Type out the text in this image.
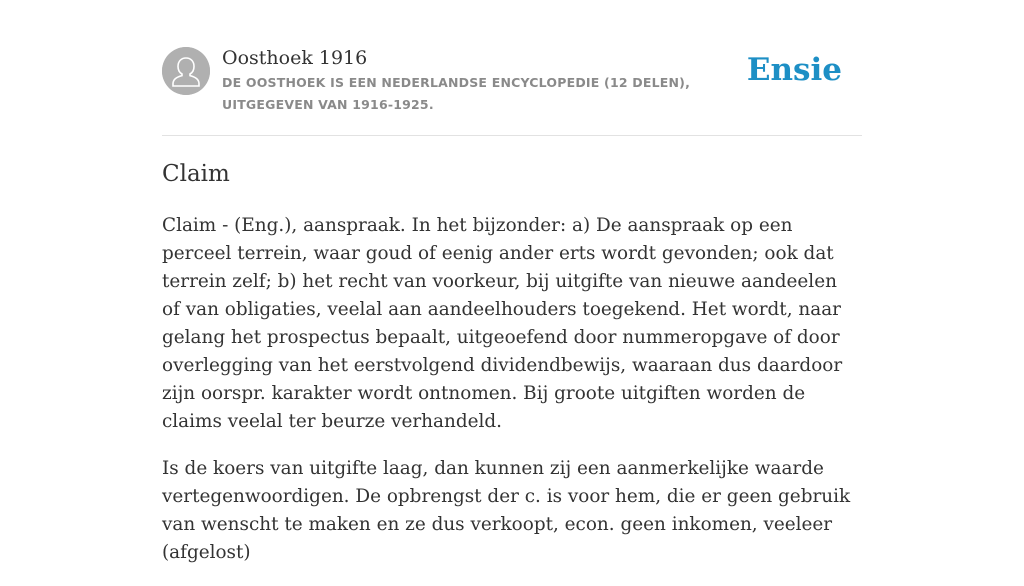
Oosthoek 1916
DE OOSTHOEK IS EEN NEDERLANDSE ENCYCLOPEDIE (12 DELEN), UITGEGEVEN VAN 1916-1925.
Ensie
Claim

Claim - (Eng.), aanspraak. In het bijzonder: a) De aanspraak op een perceel terrein, waar goud of eenig ander erts wordt gevonden; ook dat terrein zelf; b) het recht van voorkeur, bij uitgifte van nieuwe aandeelen of van obligaties, veelal aan aandeelhouders toegekend. Het wordt, naar gelang het prospectus bepaalt, uitgeoefend door nummeropgave of door overlegging van het eerstvolgend dividendbewijs, waaraan dus daardoor zijn oorspr. karakter wordt ontnomen. Bij groote uitgiften worden de claims veelal ter beurze verhandeld.

Is de koers van uitgifte laag, dan kunnen zij een aanmerkelijke waarde vertegenwoordigen. De opbrengst der c. is voor hem, die er geen gebruik van wenscht te maken en ze dus verkoopt, econ. geen inkomen, veeleer (afgelost)
